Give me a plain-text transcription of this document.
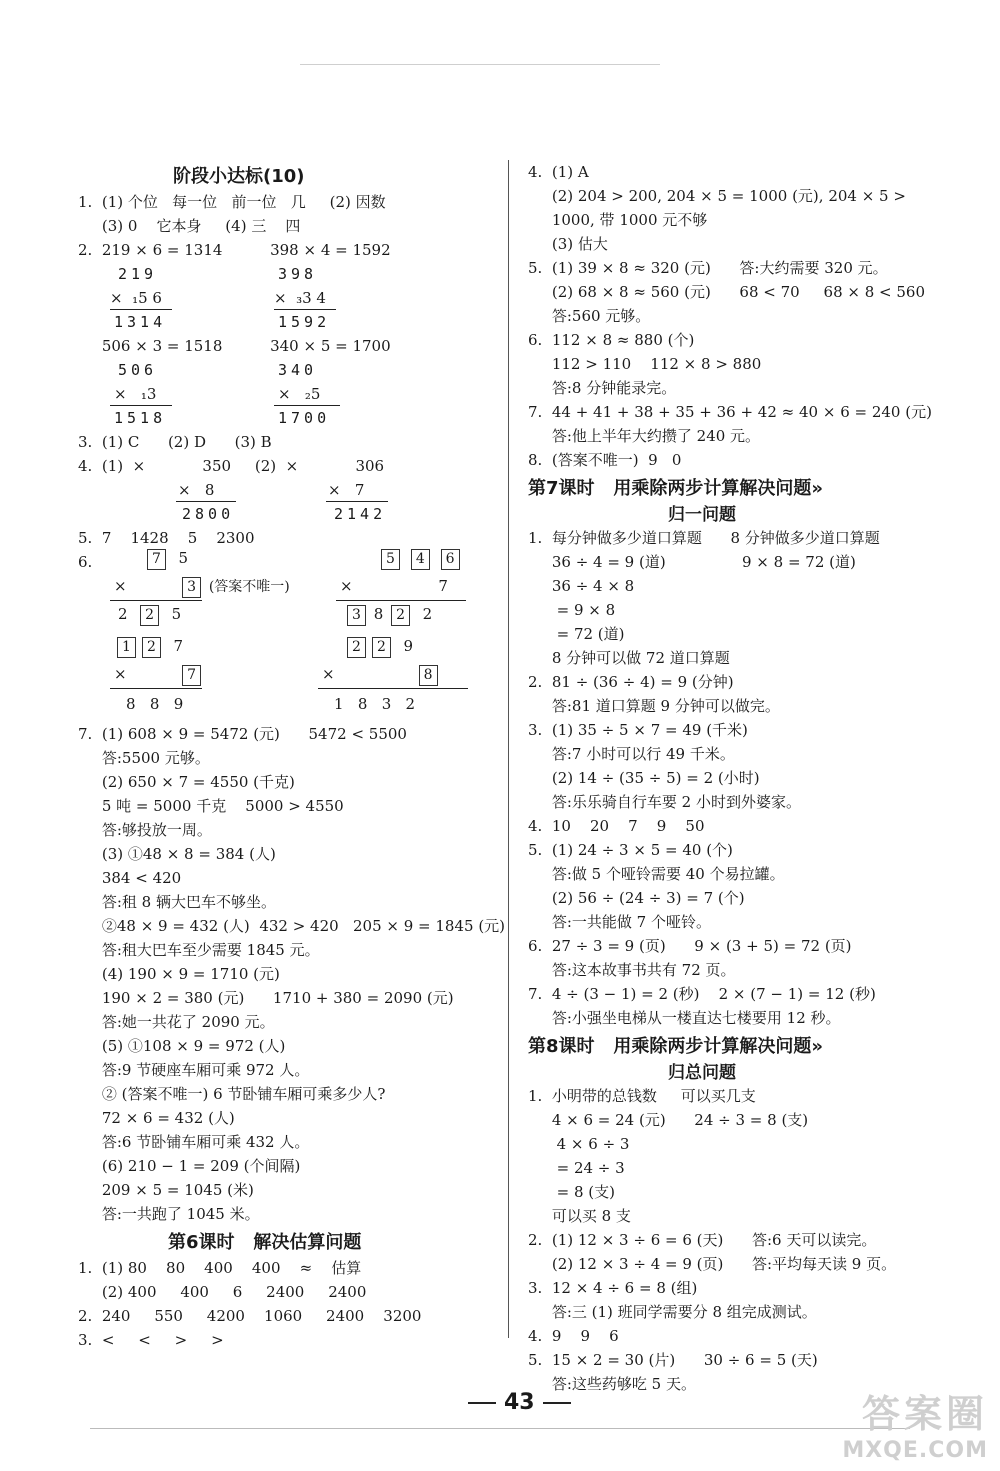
阶段小达标(10)
1.  (1) 个位   每一位   前一位   几     (2) 因数
(3) 0    它本身     (4) 三    四
2.  219 × 6 = 1314          398 × 4 = 1592
219	398
×  ₁5 6	×  ₃3 4
1314	1592
506 × 3 = 1518          340 × 5 = 1700
506	340
×   ₁3	×   ₂5
1518	1700
3.  (1) C      (2) D      (3) B
4.  (1)  ×            350     (2)  ×            306
×   8	×   7
2800	2142
5.  7    1428    5    2300
6.	7 5	5 4 6
×	3 (答案不唯一)	×	7
2 2 5	3 8 2 2
1 2 7	2 2 9
×	7	×	8
8   8   9	1   8   3   2
7.  (1) 608 × 9 = 5472 (元)      5472 < 5500
答:5500 元够。
(2) 650 × 7 = 4550 (千克)
5 吨 = 5000 千克    5000 > 4550
答:够投放一周。
(3) ①48 × 8 = 384 (人)
384 < 420
答:租 8 辆大巴车不够坐。
②48 × 9 = 432 (人)  432 > 420   205 × 9 = 1845 (元)
答:租大巴车至少需要 1845 元。
(4) 190 × 9 = 1710 (元)
190 × 2 = 380 (元)      1710 + 380 = 2090 (元)
答:她一共花了 2090 元。
(5) ①108 × 9 = 972 (人)
答:9 节硬座车厢可乘 972 人。
② (答案不唯一) 6 节卧铺车厢可乘多少人?
72 × 6 = 432 (人)
答:6 节卧铺车厢可乘 432 人。
(6) 210 − 1 = 209 (个间隔)
209 × 5 = 1045 (米)
答:一共跑了 1045 米。
第6课时 解决估算问题
1.  (1) 80    80    400    400    ≈    估算
(2) 400     400     6     2400     2400
2.  240     550     4200    1060     2400    3200
3.  <     <     >     >
4.  (1) A
(2) 204 > 200, 204 × 5 = 1000 (元), 204 × 5 >
1000, 带 1000 元不够
(3) 估大
5.  (1) 39 × 8 ≈ 320 (元)      答:大约需要 320 元。
(2) 68 × 8 ≈ 560 (元)      68 < 70     68 × 8 < 560
答:560 元够。
6.  112 × 8 ≈ 880 (个)
112 > 110    112 × 8 > 880
答:8 分钟能录完。
7.  44 + 41 + 38 + 35 + 36 + 42 ≈ 40 × 6 = 240 (元)
答:他上半年大约攒了 240 元。
8.  (答案不唯一)  9   0
第7课时 用乘除两步计算解决问题»
归一问题
1.  每分钟做多少道口算题      8 分钟做多少道口算题
36 ÷ 4 = 9 (道)                9 × 8 = 72 (道)
36 ÷ 4 × 8
= 9 × 8
= 72 (道)
8 分钟可以做 72 道口算题
2.  81 ÷ (36 ÷ 4) = 9 (分钟)
答:81 道口算题 9 分钟可以做完。
3.  (1) 35 ÷ 5 × 7 = 49 (千米)
答:7 小时可以行 49 千米。
(2) 14 ÷ (35 ÷ 5) = 2 (小时)
答:乐乐骑自行车要 2 小时到外婆家。
4.  10    20    7    9    50
5.  (1) 24 ÷ 3 × 5 = 40 (个)
答:做 5 个哑铃需要 40 个易拉罐。
(2) 56 ÷ (24 ÷ 3) = 7 (个)
答:一共能做 7 个哑铃。
6.  27 ÷ 3 = 9 (页)      9 × (3 + 5) = 72 (页)
答:这本故事书共有 72 页。
7.  4 ÷ (3 − 1) = 2 (秒)    2 × (7 − 1) = 12 (秒)
答:小强坐电梯从一楼直达七楼要用 12 秒。
第8课时 用乘除两步计算解决问题»
归总问题
1.  小明带的总钱数     可以买几支
4 × 6 = 24 (元)      24 ÷ 3 = 8 (支)
4 × 6 ÷ 3
= 24 ÷ 3
= 8 (支)
可以买 8 支
2.  (1) 12 × 3 ÷ 6 = 6 (天)      答:6 天可以读完。
(2) 12 × 3 ÷ 4 = 9 (页)      答:平均每天读 9 页。
3.  12 × 4 ÷ 6 = 8 (组)
答:三 (1) 班同学需要分 8 组完成测试。
4.  9    9    6
5.  15 × 2 = 30 (片)      30 ÷ 6 = 5 (天)
答:这些药够吃 5 天。
43	答案圈
MXQE.COM
